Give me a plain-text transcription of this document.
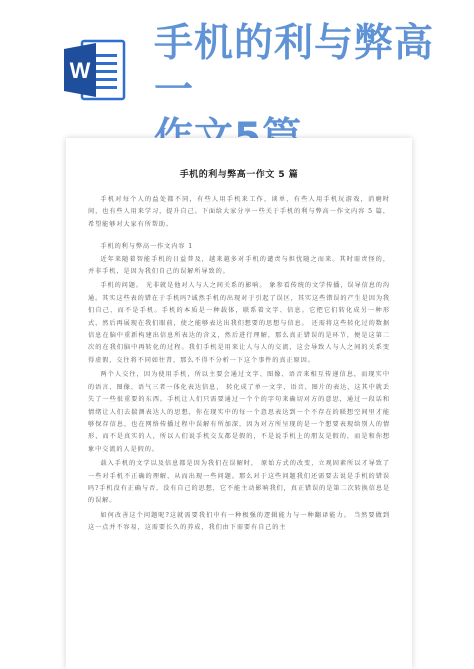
W
手机的利与弊高一

手机的利与弊高一作文 5 篇

手机对每个人的益处都不同，有些人用手机来工作，谈单，有些人用手机玩游戏，消磨时间，也有些人用来学习，提升自己。下面给大家分享一些关于手机的利与弊高一作文内容 5 篇，希望能够对大家有所帮助。

手机的利与弊高一作文内容 1

近年来随着智能手机的日益普及，越来越多对手机的谴责与担忧随之而来。其时需责怪的，并非手机，是因为我们自己的误解所导致的。

手机的问题。 光非就是他对人与人之间关系的影响。 象参看传统的文学传播，误导信息的沟通。其实这些表的错在于手机吗?诚然手机的出现对于引起了误区，其实这些错误的产生是因为我们自己，而不是手机。手机的本质是一种载体，联系着文字、信息。它把它们转化成另一种形式，然后再展现在我们眼前，使之能够表达出我们想要的思想与信息。 还需将这些转化过的数据信息在脑中重新构建出信息所表达的含义，然后进行理解，那么真正错误的是环节，便是这第二次的在我们脑中再转化的过程。我们手机是用来让人与人的交流，这会导致人与人之间的关系变得虚假，交往将不同如往昔，那么不得不分析一下这个事件的真正原因。

两个人交往，因为使用手机，所以主要会通过文字、图像、语音来相互传递信息，而现实中的语言、图像、语气三者一体化表达信息， 转化成了单一文字、语音、图片的表达，这其中就丢失了一些很重要的东西。手机让人们只需要通过一个个的字句来确切对方的意思，通过一段话和情绪让人们去揣测表达人的思想，你在现实中的每一个意思表达到一个不存在的联想空间里才能够保存信息，也在网络传播过程中误解有所加深，因为对方所呈现的是一个想要表现给别人的情形，而不是真实的人，所以人们说手机交友都是假的，不是说手机上的朋友是假的，而是和你想象中交流的人是假的。

载入手机的文学以及信息都是因为我们在误解时， 原始方式的改变，立观固素所以才导致了一些对手机不正确的理解，从而出现一些问题。那么对于这些问题我们还需要去说是手机的错误吗?手机没有正确与否，没有自己的思想，它不能主动影响我们，真正错误的是第二次转换信息是的误解。

如何改善这个问题呢?这就需要我们中有一种极强的逻辑能力与一种翻译能力。 当然要做到这一点并不容易，这需要长久的养成，我们由下需要有自己的主
